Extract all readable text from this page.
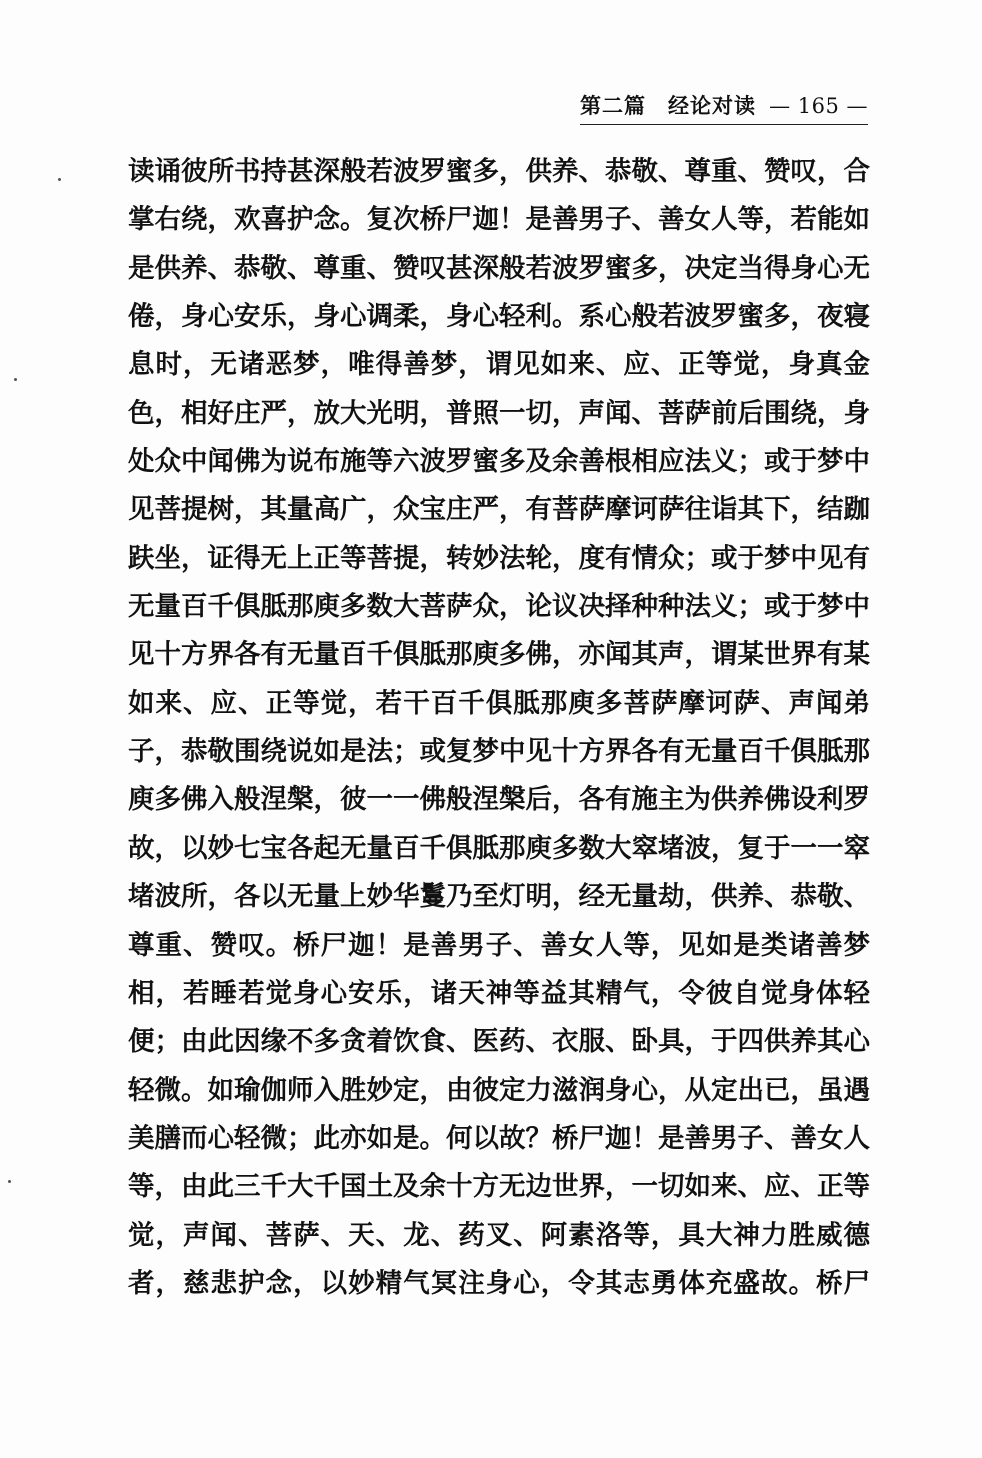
第二篇　经论对读 — 165 —
读诵彼所书持甚深般若波罗蜜多，供养、恭敬、尊重、赞叹，合
掌右绕，欢喜护念。复次桥尸迦！是善男子、善女人等，若能如
是供养、恭敬、尊重、赞叹甚深般若波罗蜜多，决定当得身心无
倦，身心安乐，身心调柔，身心轻利。系心般若波罗蜜多，夜寝
息时，无诸恶梦，唯得善梦，谓见如来、应、正等觉，身真金
色，相好庄严，放大光明，普照一切，声闻、菩萨前后围绕，身
处众中闻佛为说布施等六波罗蜜多及余善根相应法义；或于梦中
见菩提树，其量高广，众宝庄严，有菩萨摩诃萨往诣其下，结跏
趺坐，证得无上正等菩提，转妙法轮，度有情众；或于梦中见有
无量百千俱胝那庾多数大菩萨众，论议决择种种法义；或于梦中
见十方界各有无量百千俱胝那庾多佛，亦闻其声，谓某世界有某
如来、应、正等觉，若干百千俱胝那庾多菩萨摩诃萨、声闻弟
子，恭敬围绕说如是法；或复梦中见十方界各有无量百千俱胝那
庾多佛入般涅槃，彼一一佛般涅槃后，各有施主为供养佛设利罗
故，以妙七宝各起无量百千俱胝那庾多数大窣堵波，复于一一窣
堵波所，各以无量上妙华鬘乃至灯明，经无量劫，供养、恭敬、
尊重、赞叹。桥尸迦！是善男子、善女人等，见如是类诸善梦
相，若睡若觉身心安乐，诸天神等益其精气，令彼自觉身体轻
便；由此因缘不多贪着饮食、医药、衣服、卧具，于四供养其心
轻微。如瑜伽师入胜妙定，由彼定力滋润身心，从定出已，虽遇
美膳而心轻微；此亦如是。何以故？桥尸迦！是善男子、善女人
等，由此三千大千国土及余十方无边世界，一切如来、应、正等
觉，声闻、菩萨、天、龙、药叉、阿素洛等，具大神力胜威德
者，慈悲护念，以妙精气冥注身心，令其志勇体充盛故。桥尸
